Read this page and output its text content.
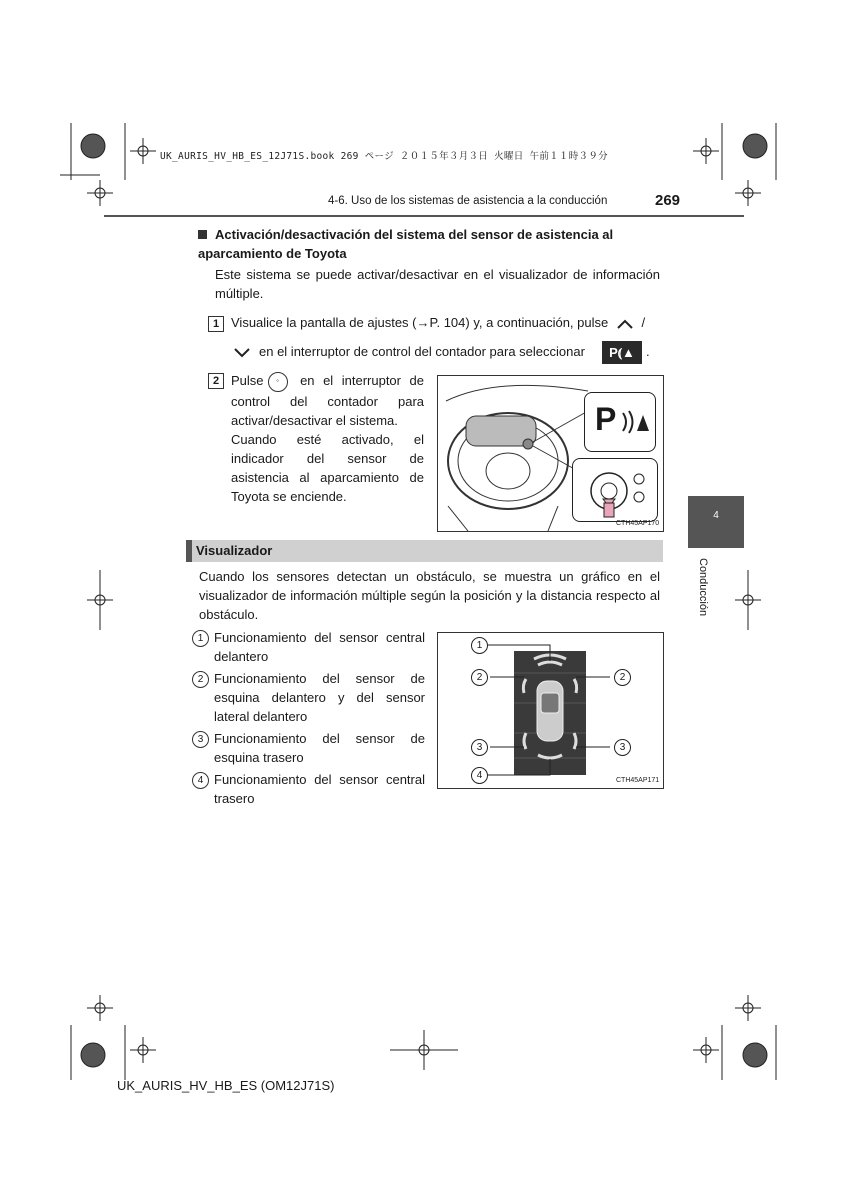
UK_AURIS_HV_HB_ES_12J71S.book 269 ページ ２０１５年３月３日 火曜日 午前１１時３９分
4-6. Uso de los sistemas de asistencia a la conducción	269
Activación/desactivación del sistema del sensor de asistencia al aparcamiento de Toyota
Este sistema se puede activar/desactivar en el visualizador de información múltiple.
1 Visualice la pantalla de ajustes (→P. 104) y, a continuación, pulse	/
en el interruptor de control del contador para seleccionar	P⦅▲ .
2 Pulse ◦ en el interruptor de control del contador para activar/desactivar el sistema.
Cuando esté activado, el indicador del sensor de asistencia al aparcamiento de Toyota se enciende.
P
CTH45AP170
Visualizador
Cuando los sensores detectan un obstáculo, se muestra un gráfico en el visualizador de información múltiple según la posición y la distancia respecto al obstáculo.
1 Funcionamiento del sensor central delantero
2 Funcionamiento del sensor de esquina delantero y del sensor lateral delantero
3 Funcionamiento del sensor de esquina trasero
4 Funcionamiento del sensor central trasero
1
2	2
3	3
4	CTH45AP171
4
Conducción
UK_AURIS_HV_HB_ES (OM12J71S)
